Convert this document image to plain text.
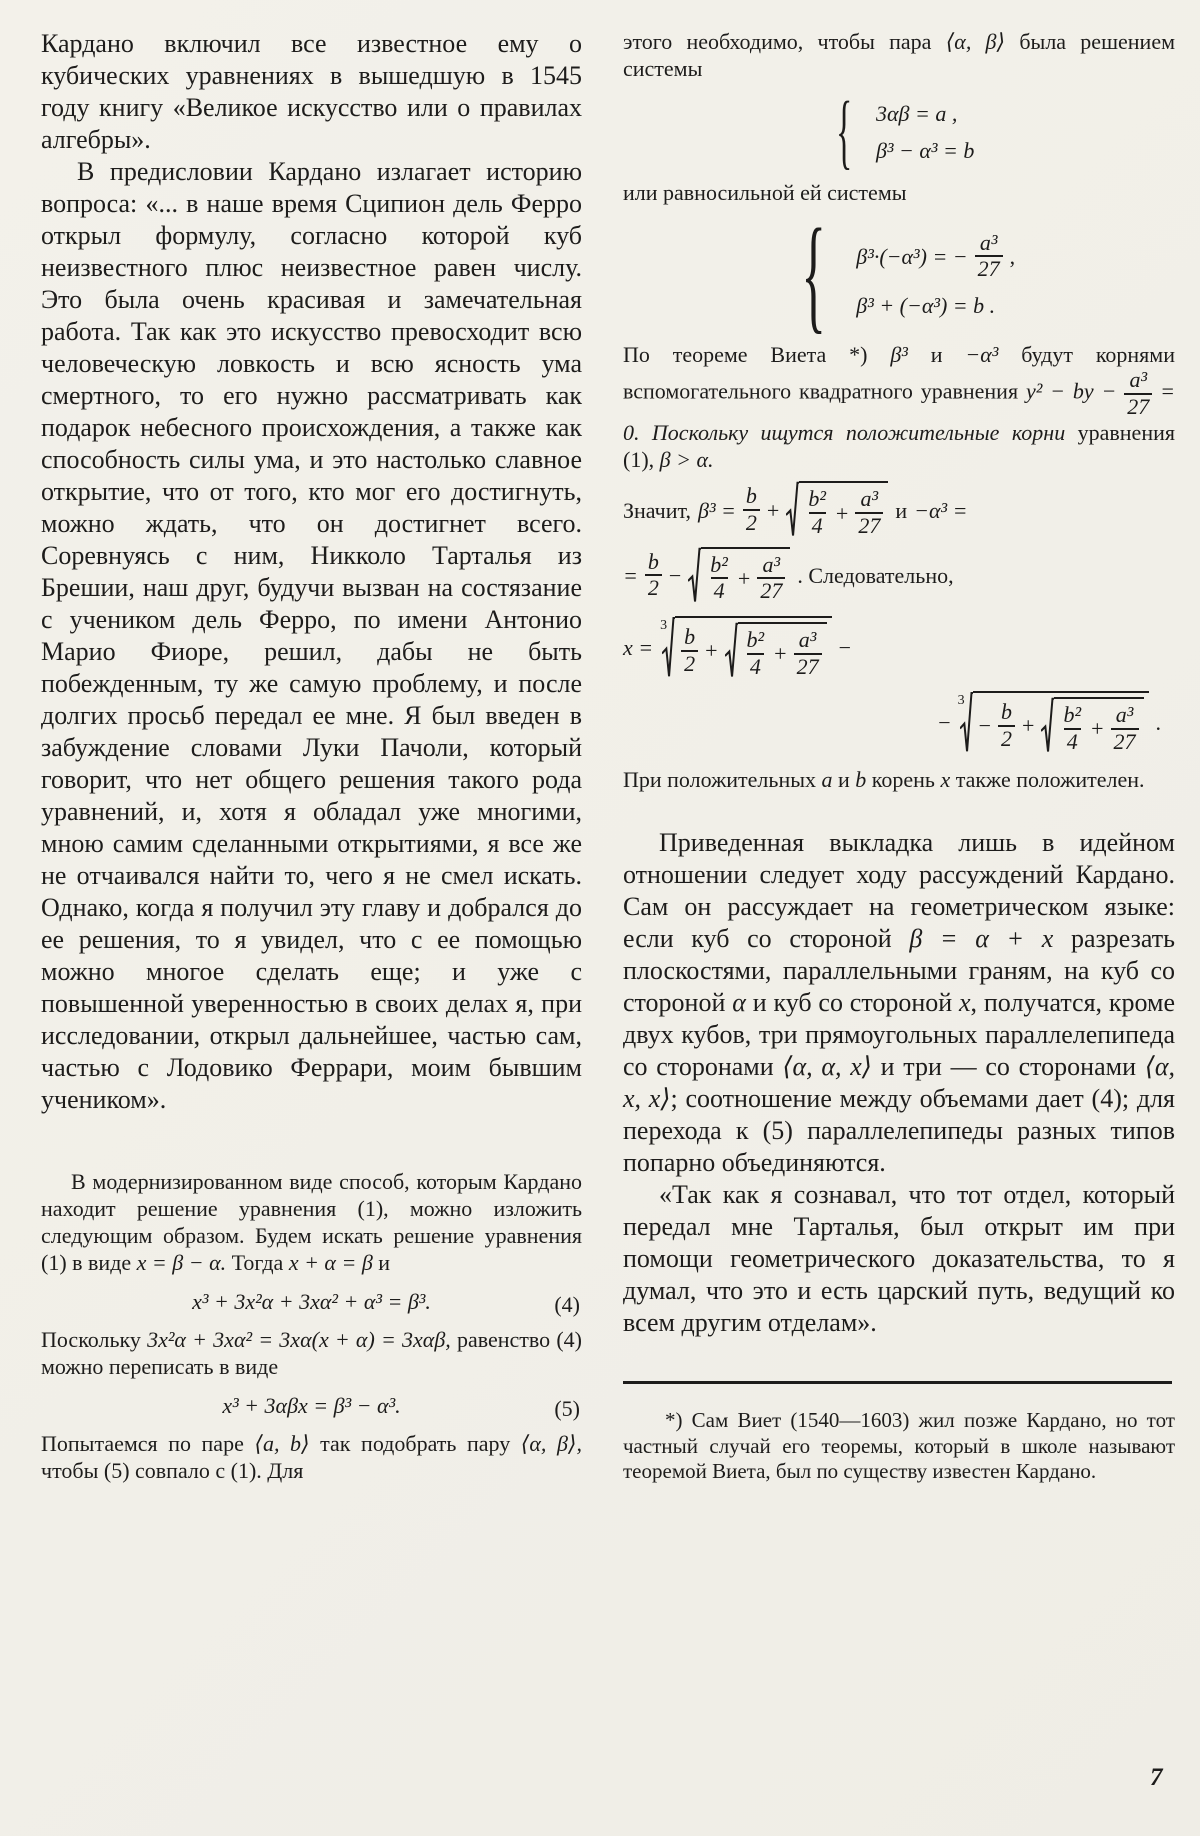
Кардано включил все известное ему о кубических уравнениях в вышедшую в 1545 году книгу «Великое искусство или о правилах алгебры».

В предисловии Кардано излагает историю вопроса: «... в наше время Сципион дель Ферро открыл формулу, согласно которой куб неизвестного плюс неизвестное равен числу. Это была очень красивая и замечательная работа. Так как это искусство превосходит всю человеческую ловкость и всю ясность ума смертного, то его нужно рассматривать как подарок небесного происхождения, а также как способность силы ума, и это настолько славное открытие, что от того, кто мог его достигнуть, можно ждать, что он достигнет всего. Соревнуясь с ним, Никколо Тарталья из Брешии, наш друг, будучи вызван на состязание с учеником дель Ферро, по имени Антонио Марио Фиоре, решил, дабы не быть побежденным, ту же самую проблему, и после долгих просьб передал ее мне. Я был введен в забуждение словами Луки Пачоли, который говорит, что нет общего решения такого рода уравнений, и, хотя я обладал уже многими, мною самим сделанными открытиями, я все же не отчаивался найти то, чего я не смел искать. Однако, когда я получил эту главу и добрался до ее решения, то я увидел, что с ее помощью можно многое сделать еще; и уже с повышенной уверенностью в своих делах я, при исследовании, открыл дальнейшее, частью сам, частью с Лодовико Феррари, моим бывшим учеником».

В модернизированном виде способ, которым Кардано находит решение уравнения (1), можно изложить следующим образом. Будем искать решение уравнения (1) в виде x = β − α. Тогда x + α = β и

x³ + 3x²α + 3xα² + α³ = β³.	(4)

Поскольку 3x²α + 3xα² = 3xα(x + α) = 3xαβ, равенство (4) можно переписать в виде

x³ + 3αβx = β³ − α³.	(5)

Попытаемся по паре ⟨a, b⟩ так подобрать пару ⟨α, β⟩, чтобы (5) совпало с (1). Для

этого необходимо, чтобы пара ⟨α, β⟩ была решением системы

{ 3αβ = a ,
β³ − α³ = b

или равносильной ей системы

{ β³·(−α³) = − $\frac{\text{a³}}{27}$ ,
β³ + (−α³) = b .

По теореме Виета *) β³ и −α³ будут корнями вспомогательного квадратного уравнения y² − by − $\frac{\text{a³}}{27} = 0$. Поскольку ищутся положительные корни уравнения (1), β > α.

Значит, $\beta^3 = \frac{b}{2} + \frac{\text{b²}}{4} + \frac{\text{a³}}{27}$ и −α³ =
= $\frac{b}{2} - \frac{\text{b²}}{4} + \frac{\text{a³}}{27}$ . Следовательно,
x =
$3 \frac{b}{2} + \frac{\text{b²}}{4} + \frac{\text{a³}}{27}$ −
−
3
− $\frac{b}{2} + \frac{\text{b²}}{4} + \frac{\text{a³}}{27}$ .

При положительных a и b корень x также положителен.

Приведенная выкладка лишь в идейном отношении следует ходу рассуждений Кардано. Сам он рассуждает на геометрическом языке: если куб со стороной β = α + x разрезать плоскостями, параллельными граням, на куб со стороной α и куб со стороной x, получатся, кроме двух кубов, три прямоугольных параллелепипеда со сторонами ⟨α, α, x⟩ и три — со сторонами ⟨α, x, x⟩; соотношение между объемами дает (4); для перехода к (5) параллелепипеды разных типов попарно объединяются.

«Так как я сознавал, что тот отдел, который передал мне Тарталья, был открыт им при помощи геометрического доказательства, то я думал, что это и есть царский путь, ведущий ко всем другим отделам».

*) Сам Виет (1540—1603) жил позже Кардано, но тот частный случай его теоремы, который в школе называют теоремой Виета, был по существу известен Кардано.

7
